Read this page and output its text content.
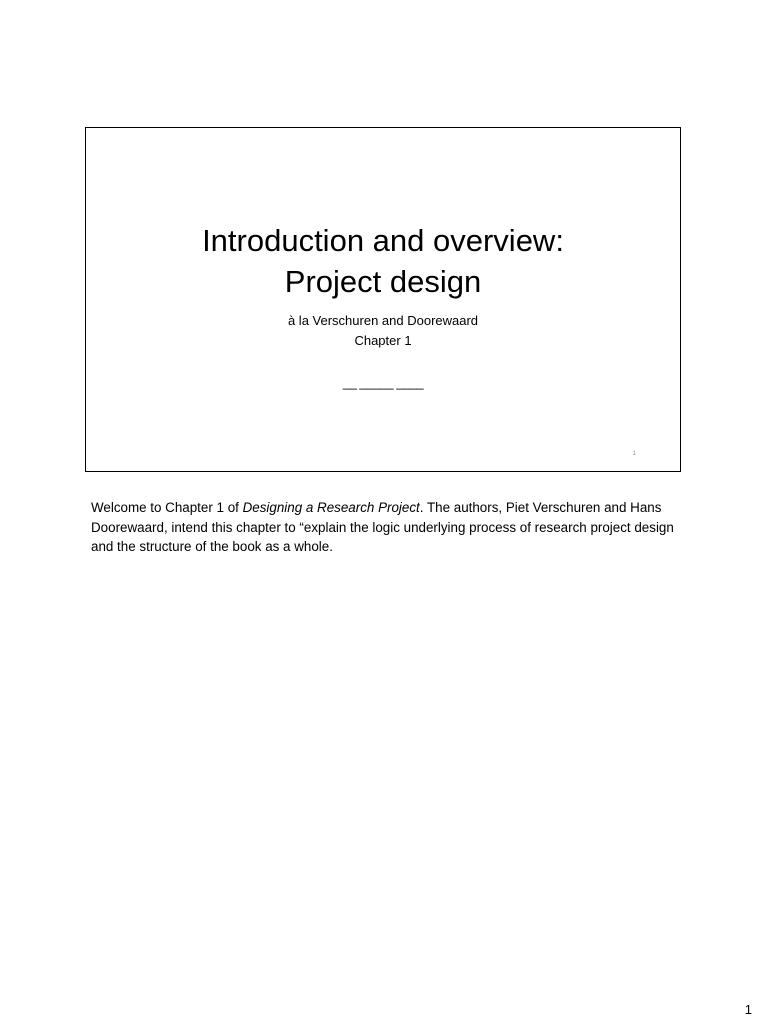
Introduction and overview:
Project design
à la Verschuren and Doorewaard
Chapter 1
__ _____ ____
1

Welcome to Chapter 1 of Designing a Research Project. The authors, Piet Verschuren and Hans Doorewaard, intend this chapter to “explain the logic underlying process of research project design and the structure of the book as a whole.

1
